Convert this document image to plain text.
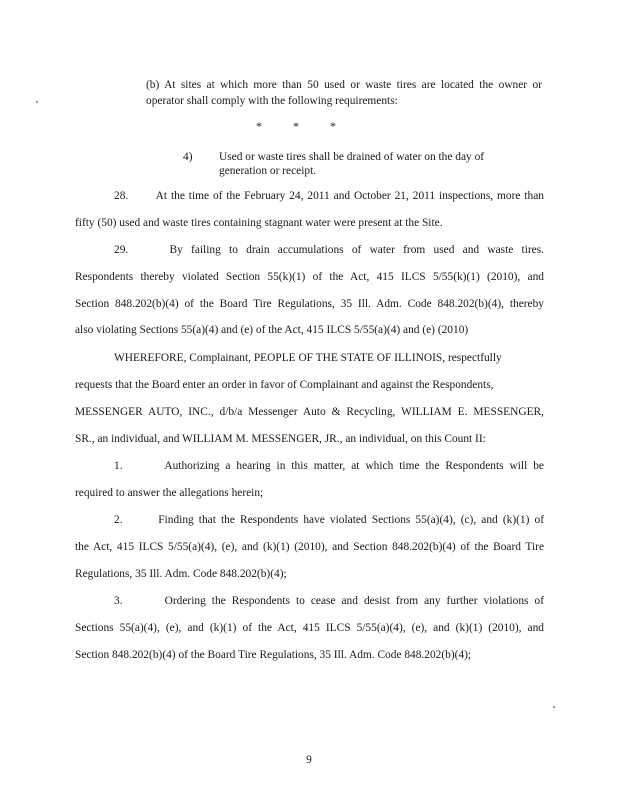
(b) At sites at which more than 50 used or waste tires are located the owner or
operator shall comply with the following requirements:
*	*	*
4) Used or waste tires shall be drained of water on the day of
generation or receipt.
28.       At the time of the February 24, 2011 and October 21, 2011 inspections, more than
fifty (50) used and waste tires containing stagnant water were present at the Site.
29.     By failing to drain accumulations of water from used and waste tires.
Respondents thereby violated Section 55(k)(1) of the Act, 415 ILCS 5/55(k)(1) (2010), and
Section 848.202(b)(4) of the Board Tire Regulations, 35 Ill. Adm. Code 848.202(b)(4), thereby
also violating Sections 55(a)(4) and (e) of the Act, 415 ILCS 5/55(a)(4) and (e) (2010)
WHEREFORE, Complainant, PEOPLE OF THE STATE OF ILLINOIS, respectfully
requests that the Board enter an order in favor of Complainant and against the Respondents,
MESSENGER AUTO, INC., d/b/a Messenger Auto & Recycling, WILLIAM E. MESSENGER,
SR., an individual, and WILLIAM M. MESSENGER, JR., an individual, on this Count II:
1.       Authorizing a hearing in this matter, at which time the Respondents will be
required to answer the allegations herein;
2.       Finding that the Respondents have violated Sections 55(a)(4), (c), and (k)(1) of
the Act, 415 ILCS 5/55(a)(4), (e), and (k)(1) (2010), and Section 848.202(b)(4) of the Board Tire
Regulations, 35 Ill. Adm. Code 848.202(b)(4);
3.       Ordering the Respondents to cease and desist from any further violations of
Sections 55(a)(4), (e), and (k)(1) of the Act, 415 ILCS 5/55(a)(4), (e), and (k)(1) (2010), and
Section 848.202(b)(4) of the Board Tire Regulations, 35 Ill. Adm. Code 848.202(b)(4);
9
